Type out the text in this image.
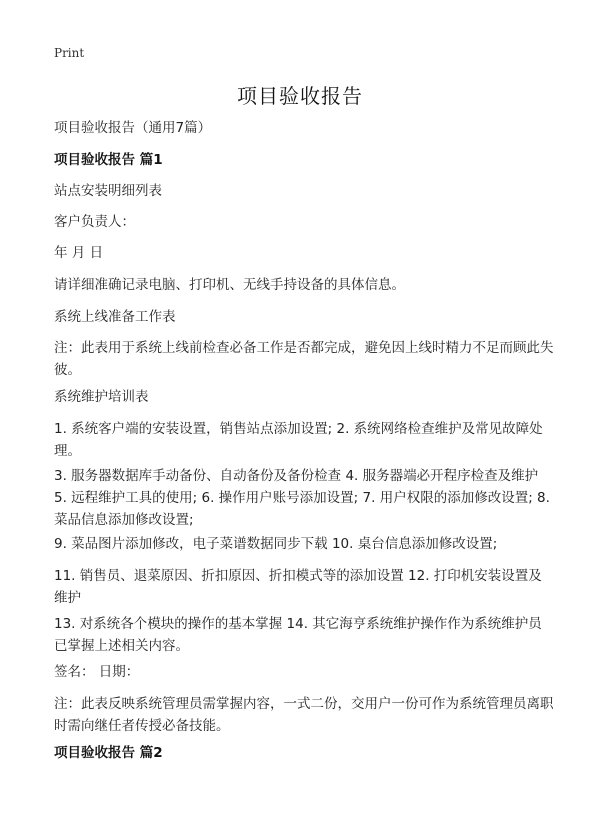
Print
项目验收报告

项目验收报告（通用7篇）

项目验收报告 篇1

站点安装明细列表

客户负责人：

年 月 日

请详细准确记录电脑、打印机、无线手持设备的具体信息。

系统上线准备工作表

注：此表用于系统上线前检查必备工作是否都完成，避免因上线时精力不足而顾此失彼。

系统维护培训表

1. 系统客户端的安装设置，销售站点添加设置; 2. 系统网络检查维护及常见故障处理。

3. 服务器数据库手动备份、自动备份及备份检查 4. 服务器端必开程序检查及维护 5. 远程维护工具的使用; 6. 操作用户账号添加设置; 7. 用户权限的添加修改设置; 8. 菜品信息添加修改设置;

9. 菜品图片添加修改，电子菜谱数据同步下载 10. 桌台信息添加修改设置;

11. 销售员、退菜原因、折扣原因、折扣模式等的添加设置 12. 打印机安装设置及维护

13. 对系统各个模块的操作的基本掌握 14. 其它海亨系统维护操作作为系统维护员已掌握上述相关内容。

签名： 日期：

注：此表反映系统管理员需掌握内容，一式二份，交用户一份可作为系统管理员离职时需向继任者传授必备技能。

项目验收报告 篇2
